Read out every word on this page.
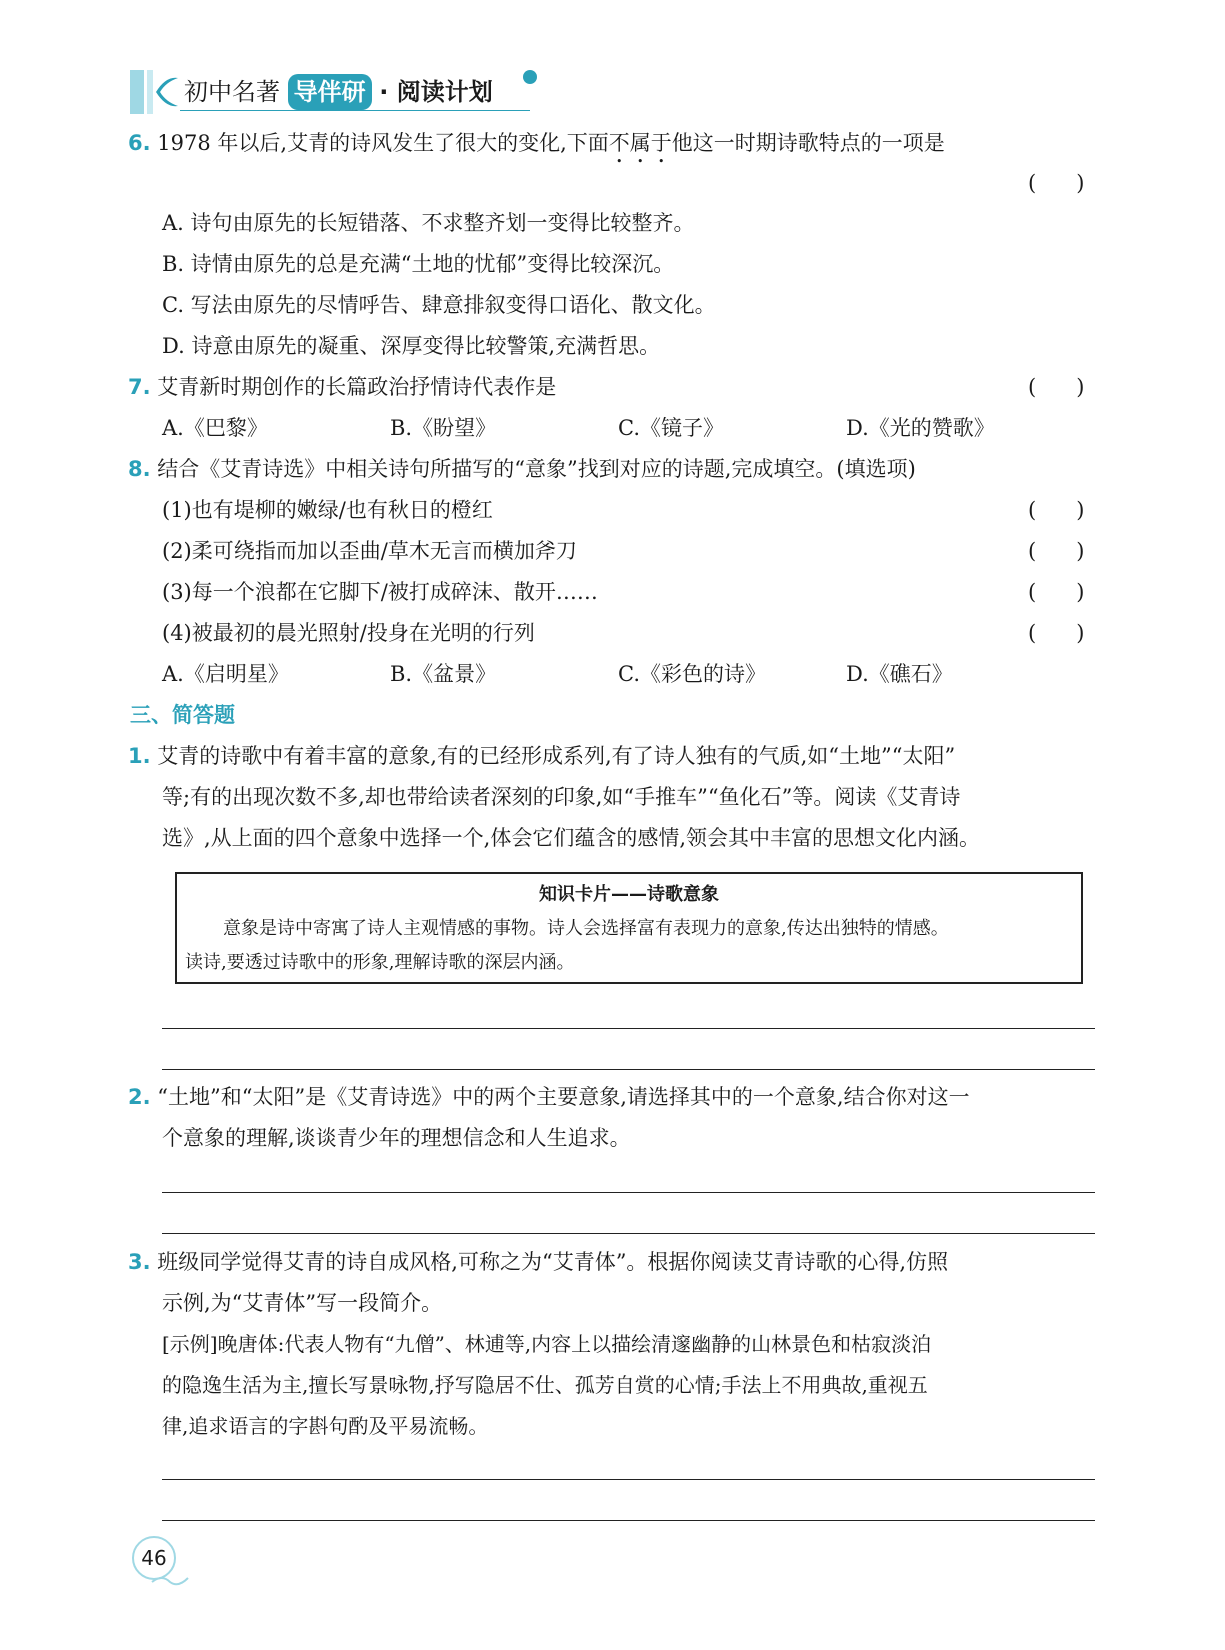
初中名著 导伴研 · 阅读计划
6. 1978 年以后,艾青的诗风发生了很大的变化,下面不属于他这一时期诗歌特点的一项是
(      )
A. 诗句由原先的长短错落、不求整齐划一变得比较整齐。
B. 诗情由原先的总是充满“土地的忧郁”变得比较深沉。
C. 写法由原先的尽情呼告、肆意排叙变得口语化、散文化。
D. 诗意由原先的凝重、深厚变得比较警策,充满哲思。
7. 艾青新时期创作的长篇政治抒情诗代表作是	(      )
A.《巴黎》	B.《盼望》	C.《镜子》	D.《光的赞歌》
8. 结合《艾青诗选》中相关诗句所描写的“意象”找到对应的诗题,完成填空。(填选项)
(1)也有堤柳的嫩绿/也有秋日的橙红	(      )
(2)柔可绕指而加以歪曲/草木无言而横加斧刀	(      )
(3)每一个浪都在它脚下/被打成碎沫、散开……	(      )
(4)被最初的晨光照射/投身在光明的行列	(      )
A.《启明星》	B.《盆景》	C.《彩色的诗》	D.《礁石》
三、简答题
1. 艾青的诗歌中有着丰富的意象,有的已经形成系列,有了诗人独有的气质,如“土地”“太阳”
等;有的出现次数不多,却也带给读者深刻的印象,如“手推车”“鱼化石”等。阅读《艾青诗
选》,从上面的四个意象中选择一个,体会它们蕴含的感情,领会其中丰富的思想文化内涵。
知识卡片——诗歌意象
意象是诗中寄寓了诗人主观情感的事物。诗人会选择富有表现力的意象,传达出独特的情感。
读诗,要透过诗歌中的形象,理解诗歌的深层内涵。
2. “土地”和“太阳”是《艾青诗选》中的两个主要意象,请选择其中的一个意象,结合你对这一
个意象的理解,谈谈青少年的理想信念和人生追求。
3. 班级同学觉得艾青的诗自成风格,可称之为“艾青体”。根据你阅读艾青诗歌的心得,仿照
示例,为“艾青体”写一段简介。
[示例]晚唐体:代表人物有“九僧”、林逋等,内容上以描绘清邃幽静的山林景色和枯寂淡泊
的隐逸生活为主,擅长写景咏物,抒写隐居不仕、孤芳自赏的心情;手法上不用典故,重视五
律,追求语言的字斟句酌及平易流畅。
46
